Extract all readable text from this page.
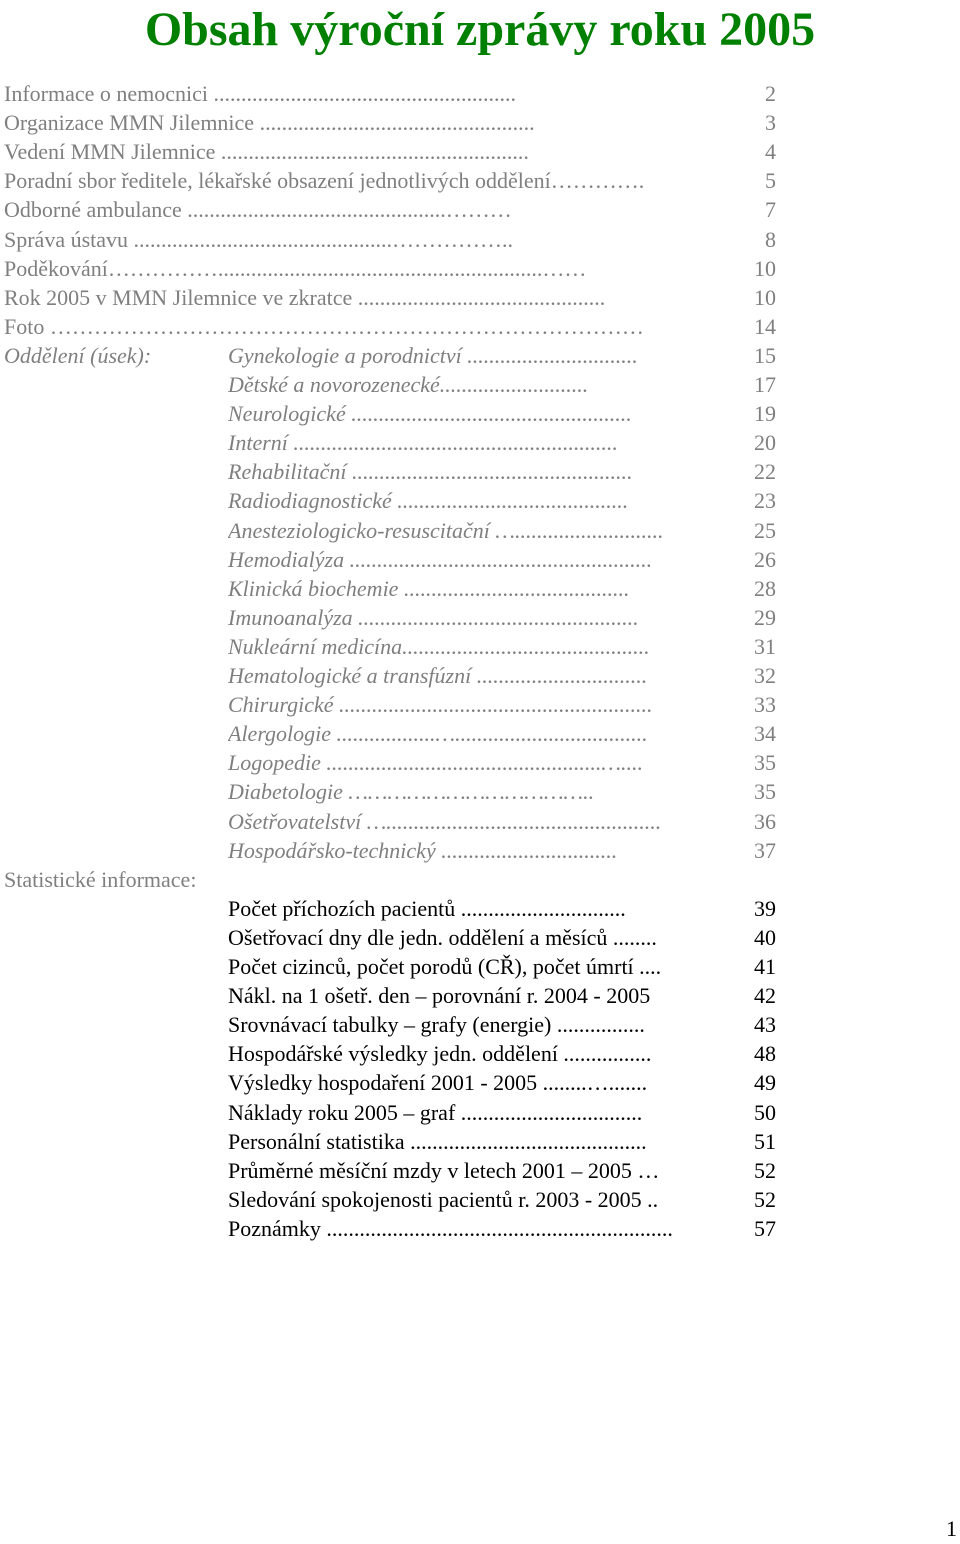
Obsah výroční zprávy roku 2005
Informace o nemocnici .......................................................	2
Organizace MMN Jilemnice ..................................................	3
Vedení MMN Jilemnice ........................................................	4
Poradní sbor ředitele, lékařské obsazení jednotlivých oddělení………….	5
Odborné ambulance ...............................................………	7
Správa ústavu ...............................................……………..	8
Poděkování……………...........................................................……	10
Rok 2005 v MMN Jilemnice ve zkratce .............................................	10
Foto ………………………………………………………………………	14
Oddělení (úsek):	Gynekologie a porodnictví ...............................	15
Dětské a novorozenecké...........................	17
Neurologické ...................................................	19
Interní ...........................................................	20
Rehabilitační ...................................................	22
Radiodiagnostické ..........................................	23
Anesteziologicko-resuscitační …...........................	25
Hemodialýza .......................................................	26
Klinická biochemie .........................................	28
Imunoanalýza ...................................................	29
Nukleární medicína.............................................	31
Hematologické a transfúzní ...............................	32
Chirurgické .........................................................	33
Alergologie ..................…...................................	34
Logopedie ..................................................…....	35
Diabetologie ………………………………..	35
Ošetřovatelství …..................................................	36
Hospodářsko-technický ................................	37
Statistické informace:
Počet příchozích pacientů ..............................	39
Ošetřovací dny dle jedn. oddělení a měsíců ........	40
Počet cizinců, počet porodů (CŘ), počet úmrtí ....	41
Nákl. na 1 ošetř. den – porovnání r. 2004 - 2005	42
Srovnávací tabulky – grafy (energie) ................	43
Hospodářské výsledky jedn. oddělení ................	48
Výsledky hospodaření 2001 - 2005 ........….......	49
Náklady roku 2005 – graf .................................	50
Personální statistika ...........................................	51
Průměrné měsíční mzdy v letech 2001 – 2005 …	52
Sledování spokojenosti pacientů r. 2003 - 2005 ..	52
Poznámky ...............................................................	57
1
